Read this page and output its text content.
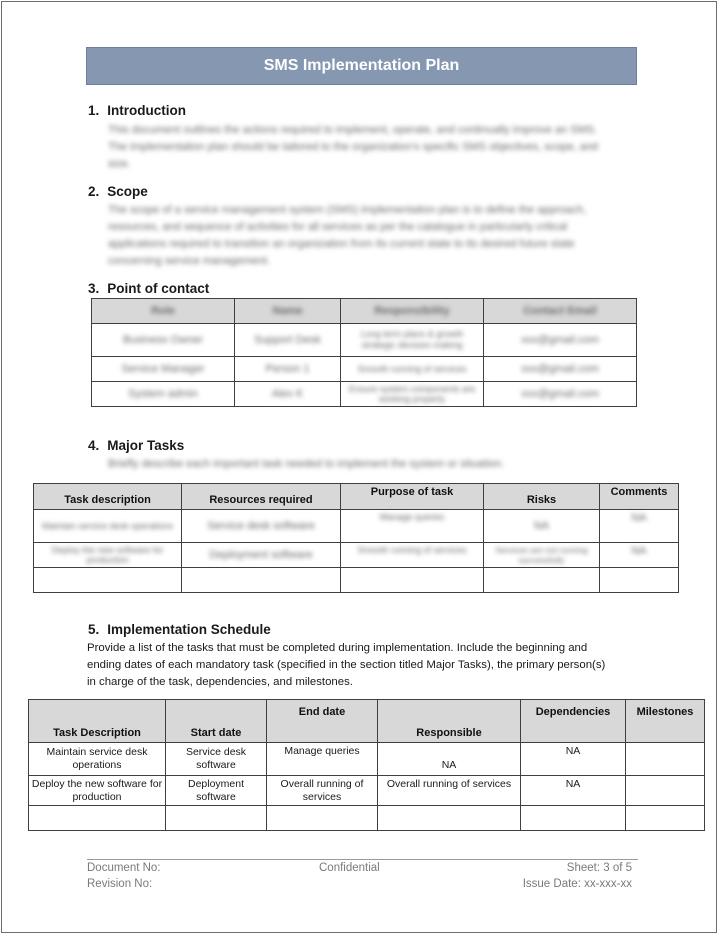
SMS Implementation Plan
1. Introduction
This document outlines the actions required to implement, operate, and continually improve an SMS.
The implementation plan should be tailored to the organization's specific SMS objectives, scope, and
size.
2. Scope
The scope of a service management system (SMS) implementation plan is to define the approach,
resources, and sequence of activities for all services as per the catalogue in particularly critical
applications required to transition an organization from its current state to its desired future state
concerning service management.
3. Point of contact
Role	Name	Responsibility	Contact Email
Business Owner	Support Desk	Long term plans & growth strategic decision making	xxx@gmail.com
Service Manager	Person 1	Smooth running of services	xxx@gmail.com
System admin	Alex K	Ensure system components are working properly	xxx@gmail.com
4. Major Tasks
Briefly describe each important task needed to implement the system or situation.
Task description	Resources required	Purpose of task	Risks	Comments
Maintain service desk operations	Service desk software	Manage queries	NA	NA
Deploy the new software for production	Deployment software	Smooth running of services	Services are not running successfully	NA

5. Implementation Schedule
Provide a list of the tasks that must be completed during implementation. Include the beginning and
ending dates of each mandatory task (specified in the section titled Major Tasks), the primary person(s)
in charge of the task, dependencies, and milestones.
Task Description	Start date	End date	Responsible	Dependencies	Milestones
Maintain service desk operations	Service desk software	Manage queries	NA	NA	
Deploy the new software for production	Deployment software	Overall running of services	Overall running of services	NA	

Document No:
Revision No:
Confidential	Sheet: 3 of 5
Issue Date: xx-xxx-xx
